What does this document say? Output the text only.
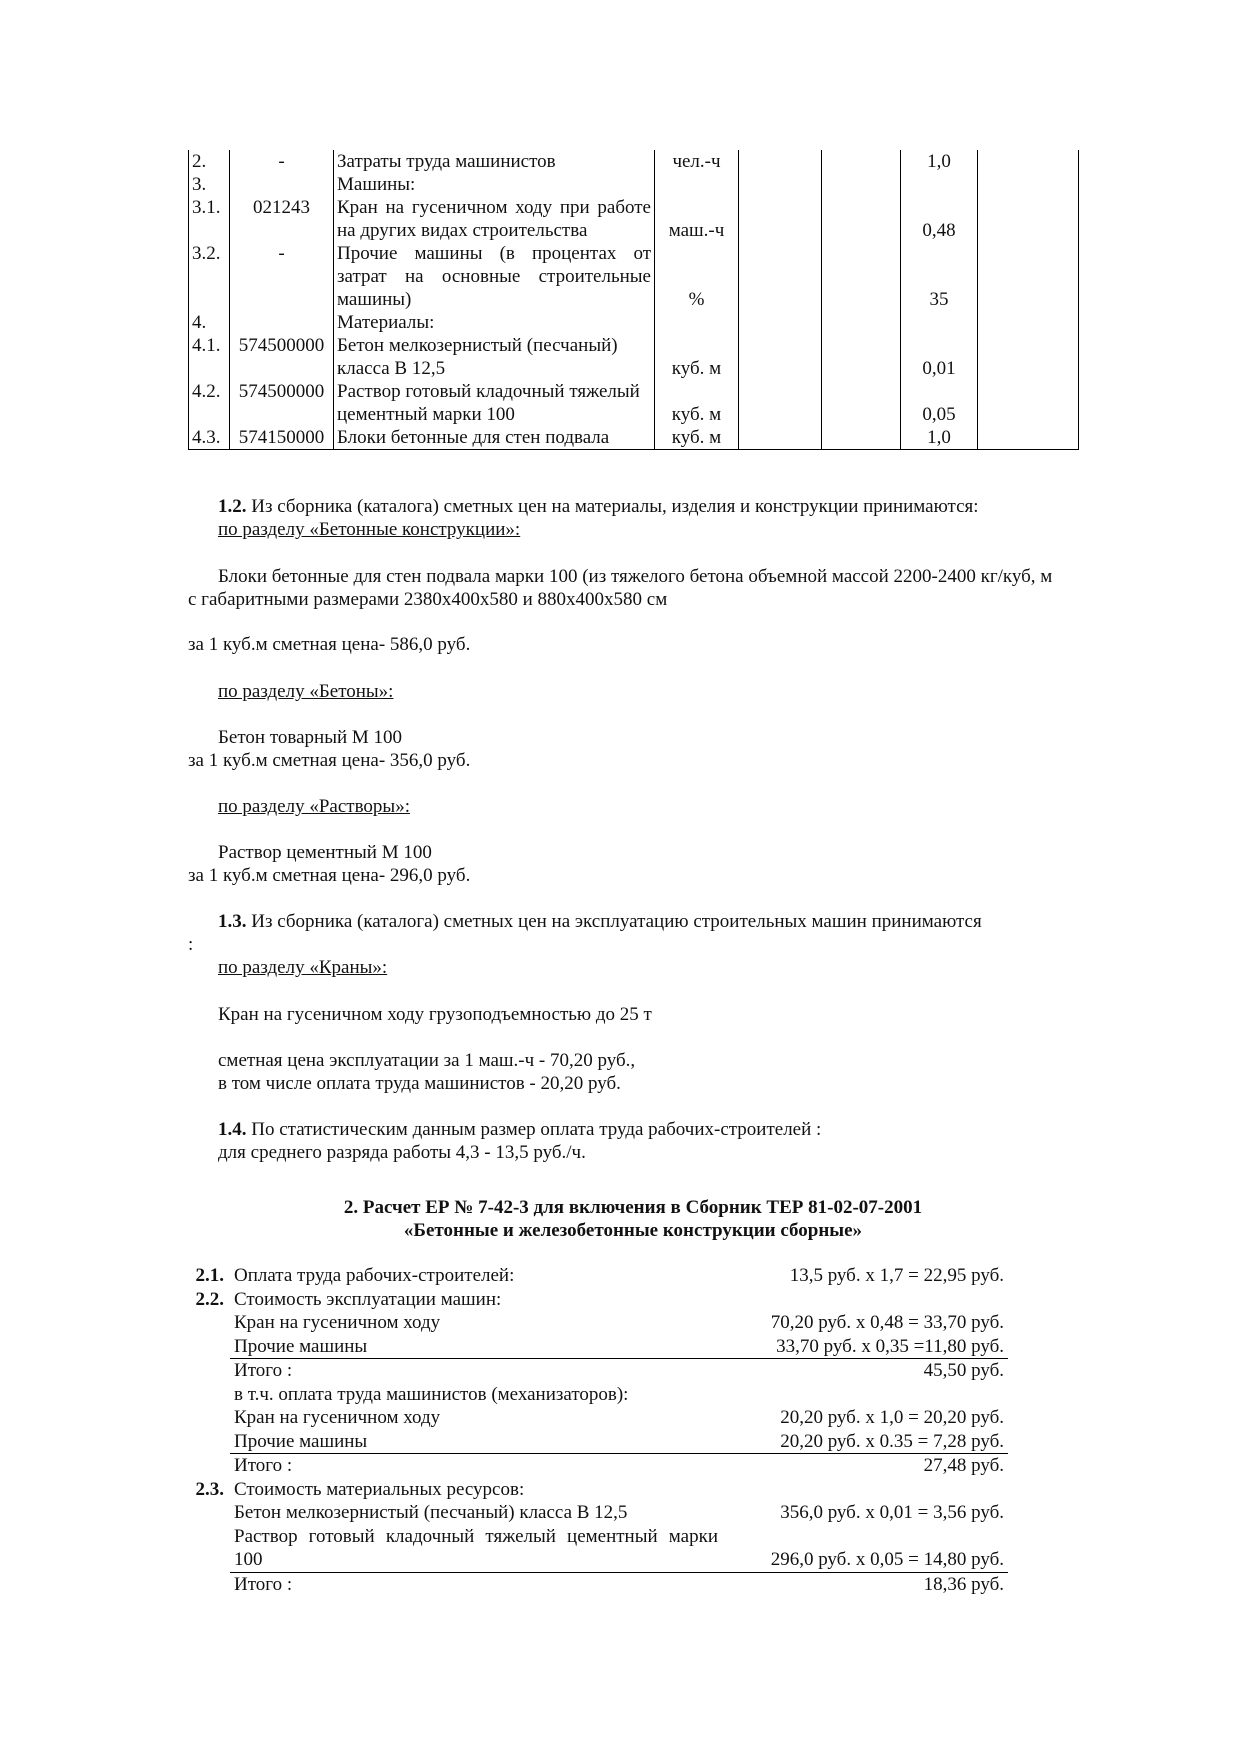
2.	-	Затраты труда машинистов	чел.-ч			1,0	
3.		Машины:					
3.1.	021243	Кран на гусеничном ходу при работе на других видах строительства	маш.-ч			0,48	
3.2.	-	Прочие машины (в процентах от затрат на основные строительные машины)	%			35	
4.		Материалы:					
4.1.	574500000	Бетон мелкозернистый (песчаный) класса В 12,5	куб. м			0,01	
4.2.	574500000	Раствор готовый кладочный тяжелый цементный марки 100	куб. м			0,05	
4.3.	574150000	Блоки бетонные для стен подвала	куб. м			1,0	

1.2. Из сборника (каталога) сметных цен на материалы, изделия и конструкции принимаются:

по разделу «Бетонные конструкции»:

Блоки бетонные для стен подвала марки 100 (из тяжелого бетона объемной массой 2200-2400 кг/куб, м с габаритными размерами 2380х400х580 и 880х400х580 см

за 1 куб.м сметная цена- 586,0 руб.

по разделу «Бетоны»:

Бетон товарный М 100

за 1 куб.м сметная цена- 356,0 руб.

по разделу «Растворы»:

Раствор цементный М 100

за 1 куб.м сметная цена- 296,0 руб.

1.3. Из сборника (каталога) сметных цен на эксплуатацию строительных машин принимаются

:

по разделу «Краны»:

Кран на гусеничном ходу грузоподъемностью до 25 т

сметная цена эксплуатации за 1 маш.-ч - 70,20 руб.,

в том числе оплата труда машинистов - 20,20 руб.

1.4. По статистическим данным размер оплата труда рабочих-строителей :

для среднего разряда работы 4,3 - 13,5 руб./ч.

2. Расчет ЕР № 7-42-3 для включения в Сборник ТЕР 81-02-07-2001
«Бетонные и железобетонные конструкции сборные»
2.1.	Оплата труда рабочих-строителей:	13,5 руб. х 1,7 = 22,95 руб.
2.2.	Стоимость эксплуатации машин:	
	Кран на гусеничном ходу	70,20 руб. х 0,48 = 33,70 руб.
	Прочие машины	33,70 руб. х 0,35 =11,80 руб.
	Итого :	45,50 руб.
	в т.ч. оплата труда машинистов (механизаторов):	
	Кран на гусеничном ходу	20,20 руб. х 1,0 = 20,20 руб.
	Прочие машины	20,20 руб. х 0.35 = 7,28 руб.
	Итого :	27,48 руб.
2.3.	Стоимость материальных ресурсов:	
	Бетон мелкозернистый (песчаный) класса В 12,5	356,0 руб. х 0,01 = 3,56 руб.
	Раствор готовый кладочный тяжелый цементный марки 100	296,0 руб. х 0,05 = 14,80 руб.
	Итого :	18,36 руб.
